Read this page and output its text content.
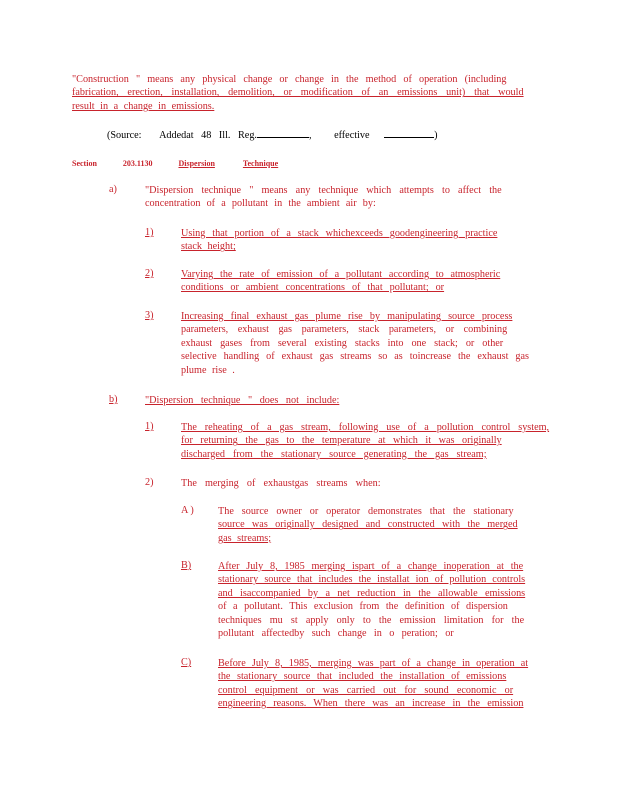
"Construction " means any physical change or change in the method of operation (including
fabrication, erection, installation, demolition, or modification of an emissions unit) that would
result in a change in emissions.
(Source: Addedat 48 Ill. Reg.	, effective	)
Section	203.1130	Dispersion	Technique
a)	"Dispersion technique " means any technique which attempts to affect the
concentration of a pollutant in the ambient air by:
1)	Using that portion of a stack whichexceeds goodengineering practice
stack height;
2)	Varying the rate of emission of a pollutant according to atmospheric
conditions or ambient concentrations of that pollutant; or
3)	Increasing final exhaust gas plume rise by manipulating source process
parameters, exhaust gas parameters, stack parameters, or combining
exhaust gases from several existing stacks into one stack; or other
selective handling of exhaust gas streams so as toincrease the exhaust gas
plume rise .
b)	"Dispersion technique " does not include:
1)	The reheating of a gas stream, following use of a pollution control system,
for returning the gas to the temperature at which it was originally
discharged from the stationary source generating the gas stream;
2)	The merging of exhaustgas streams when:
A) The source owner or operator demonstrates that the stationary
source was originally designed and constructed with the merged
gas streams;
B)	After July 8, 1985 merging ispart of a change inoperation at the
stationary source that includes the installat ion of pollution controls
and isaccompanied by a net reduction in the allowable emissions
of a pollutant. This exclusion from the definition of dispersion
techniques mu st apply only to the emission limitation for the
pollutant affectedby such change in o peration; or
C)	Before July 8, 1985, merging was part of a change in operation at
the stationary source that included the installation of emissions
control equipment or was carried out for sound economic or
engineering reasons. When there was an increase in the emission
